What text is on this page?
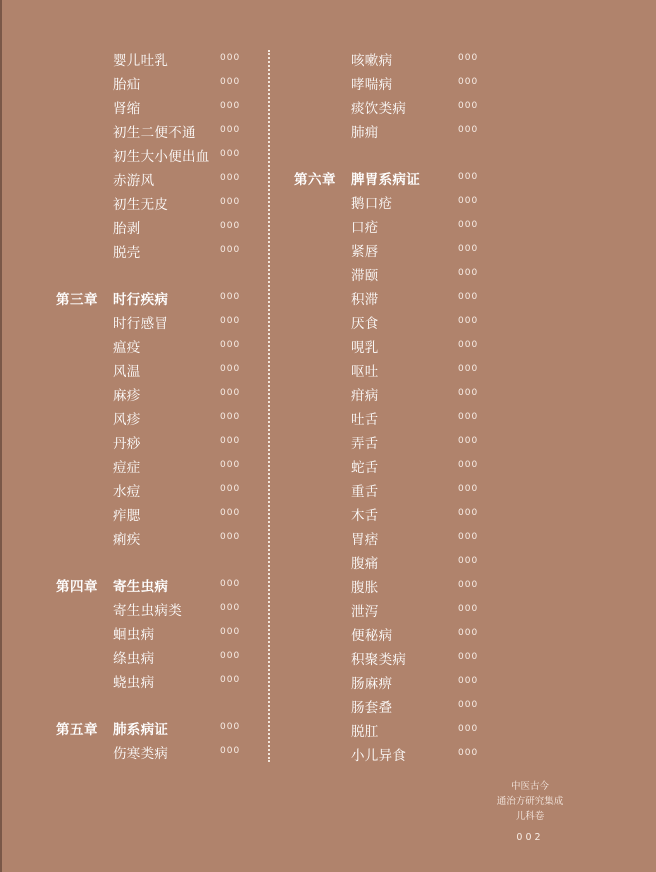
婴儿吐乳	000
胎疝	000
肾缩	000
初生二便不通	000
初生大小便出血 000
赤游风	000
初生无皮	000
胎剥	000
脱壳	000
第三章 时行疾病	000
时行感冒	000
瘟疫	000
风温	000
麻疹	000
风疹	000
丹痧	000
痘症	000
水痘	000
痄腮	000
痢疾	000
第四章 寄生虫病	000
寄生虫病类	000
蛔虫病	000
绦虫病	000
蛲虫病	000
第五章 肺系病证	000
伤寒类病	000
咳嗽病	000
哮喘病	000
痰饮类病	000
肺痈	000
第六章 脾胃系病证	000
鹅口疮	000
口疮	000
紧唇	000
滞颐	000
积滞	000
厌食	000
哯乳	000
呕吐	000
疳病	000
吐舌	000
弄舌	000
蛇舌	000
重舌	000
木舌	000
胃痞	000
腹痛	000
腹胀	000
泄泻	000
便秘病	000
积聚类病	000
肠麻痹	000
肠套叠	000
脱肛	000
小儿异食	000
中医古今
通治方研究集成
儿科卷
002
